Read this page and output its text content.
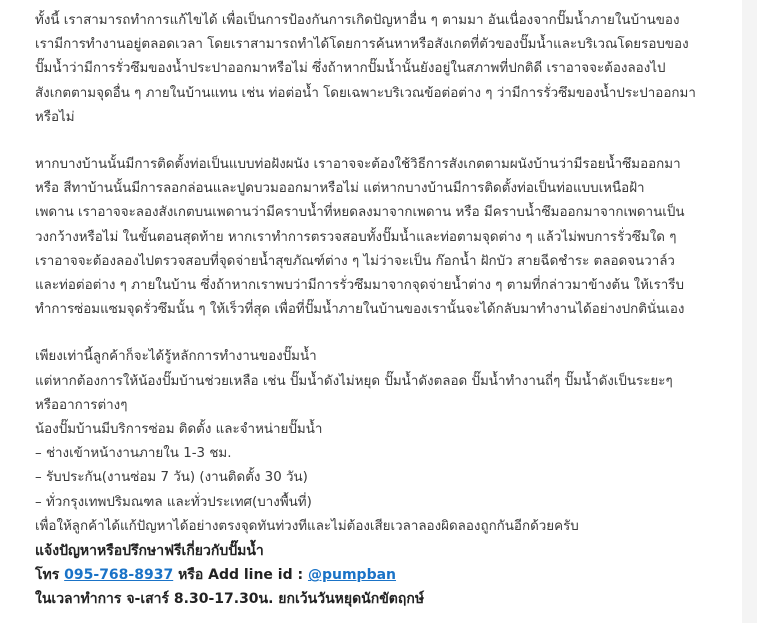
ทั้งนี้ เราสามารถทำการแก้ไขได้ เพื่อเป็นการป้องกันการเกิดปัญหาอื่น ๆ ตามมา อันเนื่องจากปั๊มน้ำภายในบ้านของ
เรามีการทำงานอยู่ตลอดเวลา โดยเราสามารถทำได้โดยการค้นหาหรือสังเกตที่ตัวของปั๊มน้ำและบริเวณโดยรอบของ
ปั๊มน้ำว่ามีการรั่วซึมของน้ำประปาออกมาหรือไม่ ซึ่งถ้าหากปั๊มน้ำนั้นยังอยู่ในสภาพที่ปกติดี เราอาจจะต้องลองไป
สังเกตตามจุดอื่น ๆ ภายในบ้านแทน เช่น ท่อต่อน้ำ โดยเฉพาะบริเวณข้อต่อต่าง ๆ ว่ามีการรั่วซึมของน้ำประปาออกมา
หรือไม่

หากบางบ้านนั้นมีการติดตั้งท่อเป็นแบบท่อฝังผนัง เราอาจจะต้องใช้วิธีการสังเกตตามผนังบ้านว่ามีรอยน้ำซึมออกมา
หรือ สีทาบ้านนั้นมีการลอกล่อนและปูดบวมออกมาหรือไม่ แต่หากบางบ้านมีการติดตั้งท่อเป็นท่อแบบเหนือฝ้า
เพดาน เราอาจจะลองสังเกตบนเพดานว่ามีคราบน้ำที่หยดลงมาจากเพดาน หรือ มีคราบน้ำซึมออกมาจากเพดานเป็น
วงกว้างหรือไม่ ในขั้นตอนสุดท้าย หากเราทำการตรวจสอบทั้งปั๊มน้ำและท่อตามจุดต่าง ๆ แล้วไม่พบการรั่วซึมใด ๆ
เราอาจจะต้องลองไปตรวจสอบที่จุดจ่ายน้ำสุขภัณฑ์ต่าง ๆ ไม่ว่าจะเป็น ก๊อกน้ำ ฝักบัว สายฉีดชำระ ตลอดจนวาล์ว
และท่อต่อต่าง ๆ ภายในบ้าน ซึ่งถ้าหากเราพบว่ามีการรั่วซึมมาจากจุดจ่ายน้ำต่าง ๆ ตามที่กล่าวมาข้างต้น ให้เรารีบ
ทำการซ่อมแซมจุดรั่วซึมนั้น ๆ ให้เร็วที่สุด เพื่อที่ปั๊มน้ำภายในบ้านของเรานั้นจะได้กลับมาทำงานได้อย่างปกตินั่นเอง

เพียงเท่านี้ลูกค้าก็จะได้รู้หลักการทำงานของปั๊มน้ำ
แต่หากต้องการให้น้องปั๊มบ้านช่วยเหลือ เช่น ปั๊มน้ำดังไม่หยุด ปั๊มน้ำดังตลอด ปั๊มน้ำทำงานถี่ๆ ปั๊มน้ำดังเป็นระยะๆ
หรืออาการต่างๆ
น้องปั๊มบ้านมีบริการซ่อม ติดตั้ง และจำหน่ายปั๊มน้ำ
– ช่างเข้าหน้างานภายใน 1-3 ชม.
– รับประกัน(งานซ่อม 7 วัน) (งานติดตั้ง 30 วัน)
– ทั่วกรุงเทพปริมณฑล และทั่วประเทศ(บางพื้นที่)
เพื่อให้ลูกค้าได้แก้ปัญหาได้อย่างตรงจุดทันท่วงทีและไม่ต้องเสียเวลาลองผิดลองถูกกันอีกด้วยครับ
แจ้งปัญหาหรือปรึกษาฟรีเกี่ยวกับปั๊มน้ำ
โทร 095-768-8937 หรือ Add line id : @pumpban
ในเวลาทำการ จ-เสาร์ 8.30-17.30น. ยกเว้นวันหยุดนักขัตฤกษ์
